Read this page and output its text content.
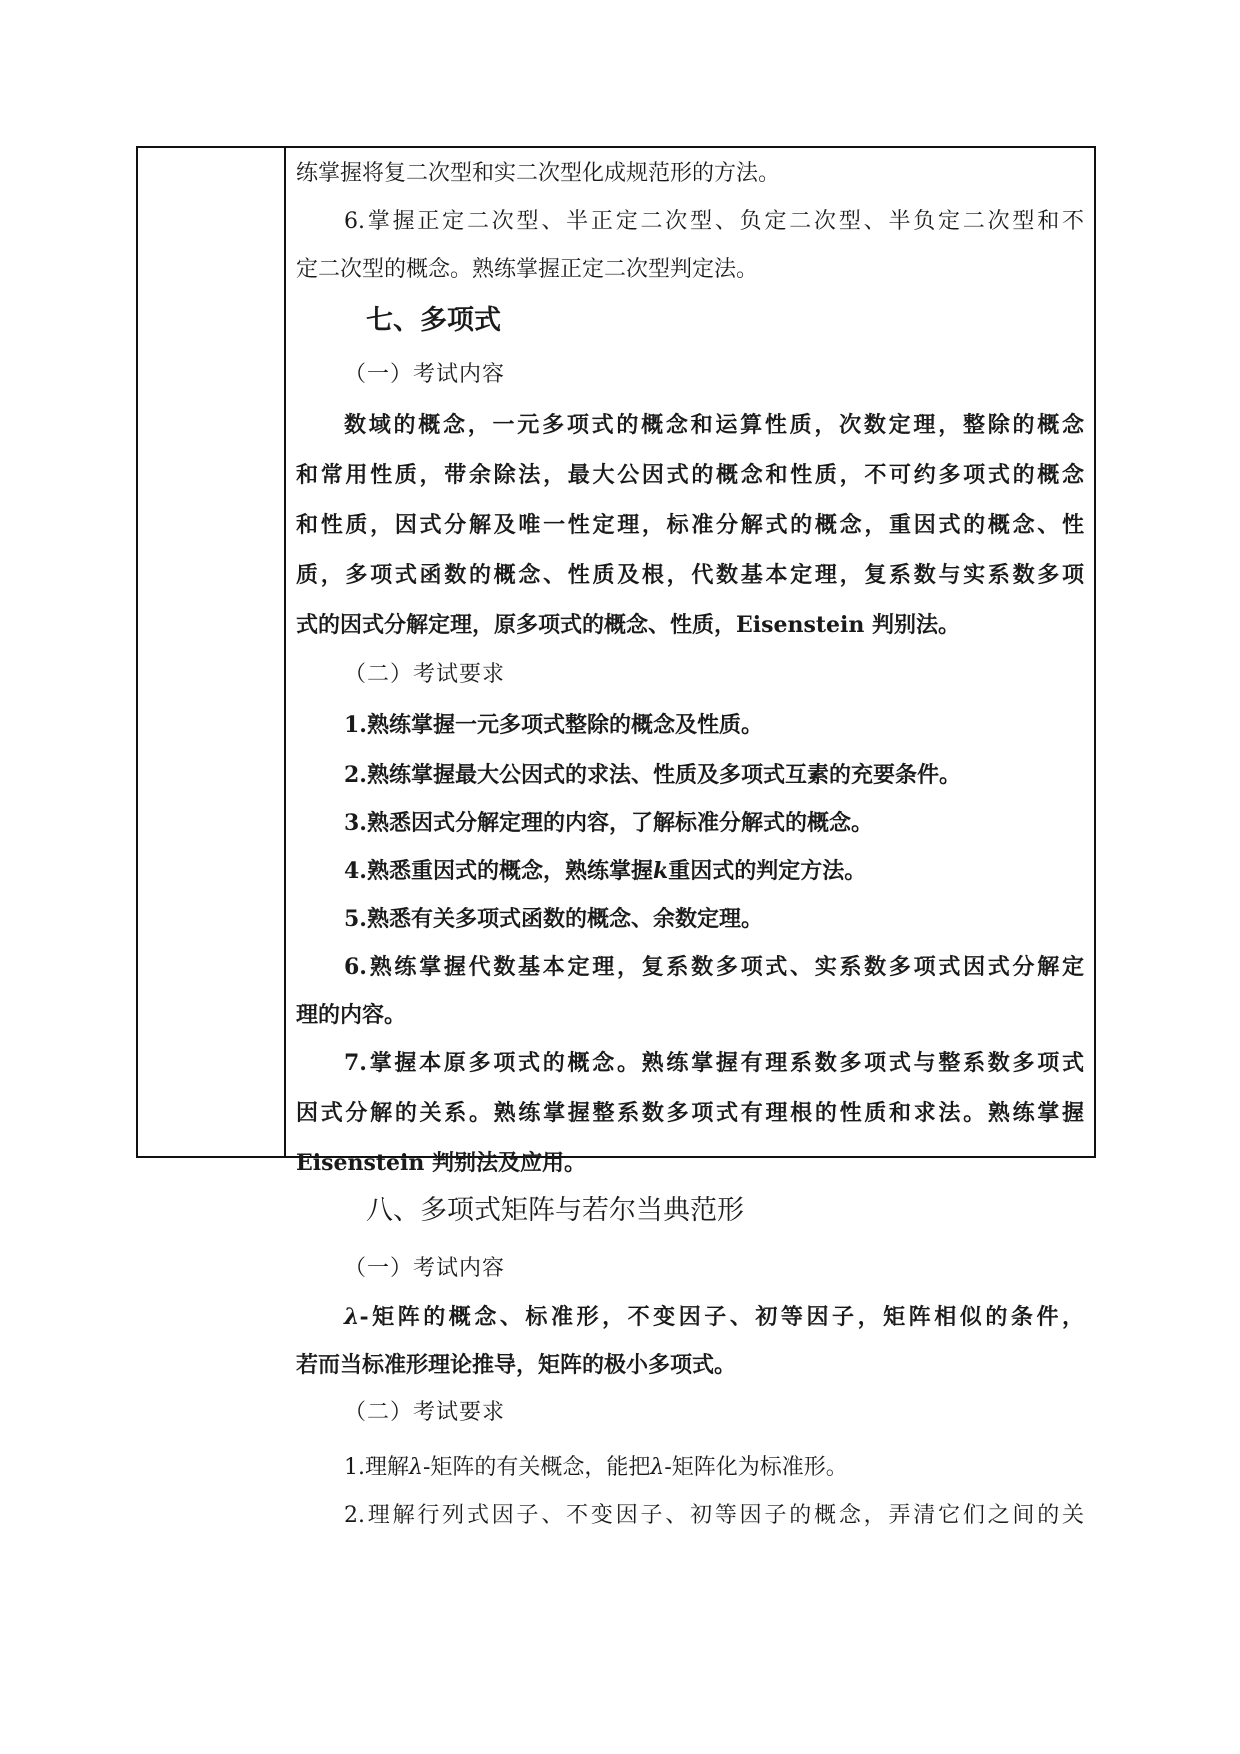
练掌握将复二次型和实二次型化成规范形的方法。
6.掌握正定二次型、半正定二次型、负定二次型、半负定二次型和不
定二次型的概念。熟练掌握正定二次型判定法。
七、多项式
（一）考试内容
数域的概念，一元多项式的概念和运算性质，次数定理，整除的概念
和常用性质，带余除法，最大公因式的概念和性质，不可约多项式的概念
和性质，因式分解及唯一性定理，标准分解式的概念，重因式的概念、性
质，多项式函数的概念、性质及根，代数基本定理，复系数与实系数多项
式的因式分解定理，原多项式的概念、性质，Eisenstein 判别法。
（二）考试要求
1.熟练掌握一元多项式整除的概念及性质。
2.熟练掌握最大公因式的求法、性质及多项式互素的充要条件。
3.熟悉因式分解定理的内容，了解标准分解式的概念。
4.熟悉重因式的概念，熟练掌握k重因式的判定方法。
5.熟悉有关多项式函数的概念、余数定理。
6.熟练掌握代数基本定理，复系数多项式、实系数多项式因式分解定
理的内容。
7.掌握本原多项式的概念。熟练掌握有理系数多项式与整系数多项式
因式分解的关系。熟练掌握整系数多项式有理根的性质和求法。熟练掌握
Eisenstein 判别法及应用。
八、多项式矩阵与若尔当典范形
（一）考试内容
λ-矩阵的概念、标准形，不变因子、初等因子，矩阵相似的条件，
若而当标准形理论推导，矩阵的极小多项式。
（二）考试要求
1.理解λ-矩阵的有关概念，能把λ-矩阵化为标准形。
2.理解行列式因子、不变因子、初等因子的概念，弄清它们之间的关
